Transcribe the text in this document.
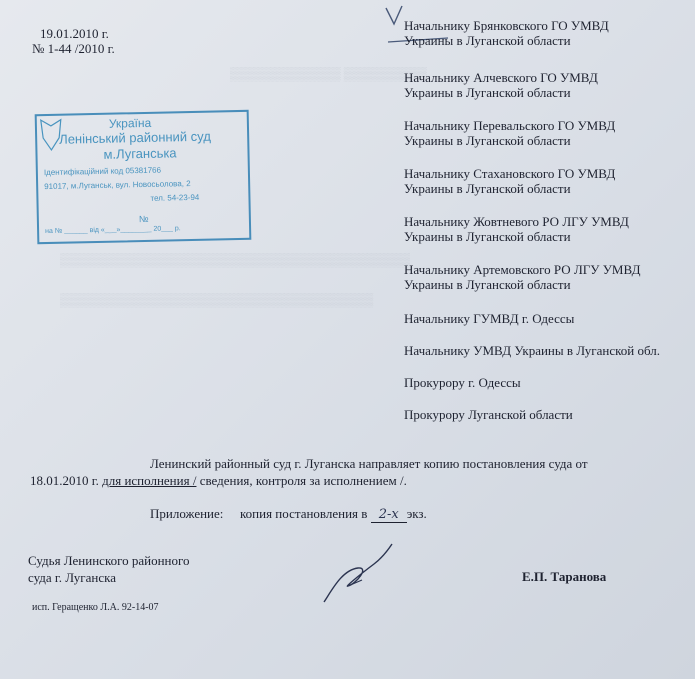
▒▒▒▒▒▒▒▒▒▒▒▒ ▒▒▒▒▒▒▒▒▒
▒▒▒▒▒▒▒▒▒▒▒▒▒▒▒▒▒▒▒▒▒▒▒▒▒▒▒▒▒▒▒▒▒▒▒▒▒▒
▒▒▒▒▒▒▒▒▒▒▒▒▒▒▒▒▒▒▒▒▒▒▒▒▒▒▒▒▒▒▒▒▒▒
19.01.2010 г.
№ 1-44 /2010 г.
Україна
Ленінський районний суд
м.Луганська
Ідентифікаційний код 05381766
91017, м.Луганськ, вул. Новосьолова, 2
тел. 54-23-94
№
на № ______ від «___»________ 20___ р.
Начальнику Брянковского ГО УМВД
Украины в Луганской области
Начальнику Алчевского ГО УМВД
Украины в Луганской области
Начальнику Перевальского ГО УМВД
Украины в Луганской области
Начальнику Стахановского ГО УМВД
Украины в Луганской области
Начальнику Жовтневого РО ЛГУ УМВД
Украины в Луганской области
Начальнику Артемовского РО ЛГУ УМВД
Украины в Луганской области
Начальнику ГУМВД г. Одессы
Начальнику УМВД Украины в Луганской обл.
Прокурору г. Одессы
Прокурору Луганской области
Ленинский районный суд г. Луганска направляет копию постановления суда от
18.01.2010 г. для исполнения / сведения, контроля за исполнением /.
Приложение: копия постановления в 2-х экз.
Судья Ленинского районного
суда г. Луганска	Е.П. Таранова
исп. Геращенко Л.А. 92-14-07
